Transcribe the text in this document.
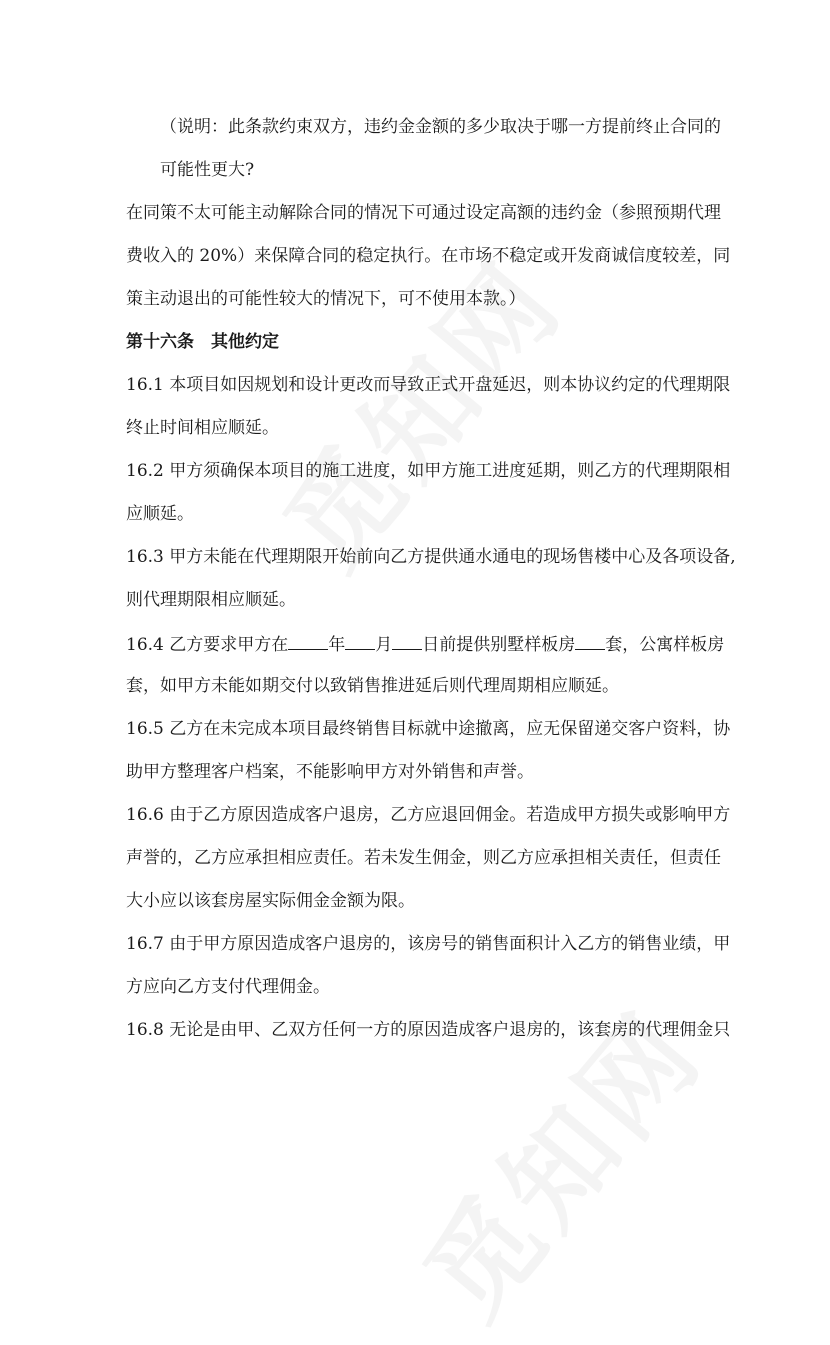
（说明：此条款约束双方，违约金金额的多少取决于哪一方提前终止合同的
可能性更大?
在同策不太可能主动解除合同的情况下可通过设定高额的违约金（参照预期代理
费收入的 20%）来保障合同的稳定执行。在市场不稳定或开发商诚信度较差，同
策主动退出的可能性较大的情况下，可不使用本款。）
第十六条　其他约定
16.1 本项目如因规划和设计更改而导致正式开盘延迟，则本协议约定的代理期限
终止时间相应顺延。
16.2 甲方须确保本项目的施工进度，如甲方施工进度延期，则乙方的代理期限相
应顺延。
16.3 甲方未能在代理期限开始前向乙方提供通水通电的现场售楼中心及各项设备,
则代理期限相应顺延。
16.4 乙方要求甲方在 年 月 日前提供别墅样板房 套，公寓样板房
套，如甲方未能如期交付以致销售推进延后则代理周期相应顺延。
16.5 乙方在未完成本项目最终销售目标就中途撤离，应无保留递交客户资料，协
助甲方整理客户档案，不能影响甲方对外销售和声誉。
16.6 由于乙方原因造成客户退房，乙方应退回佣金。若造成甲方损失或影响甲方
声誉的，乙方应承担相应责任。若未发生佣金，则乙方应承担相关责任，但责任
大小应以该套房屋实际佣金金额为限。
16.7 由于甲方原因造成客户退房的，该房号的销售面积计入乙方的销售业绩，甲
方应向乙方支付代理佣金。
16.8 无论是由甲、乙双方任何一方的原因造成客户退房的，该套房的代理佣金只
